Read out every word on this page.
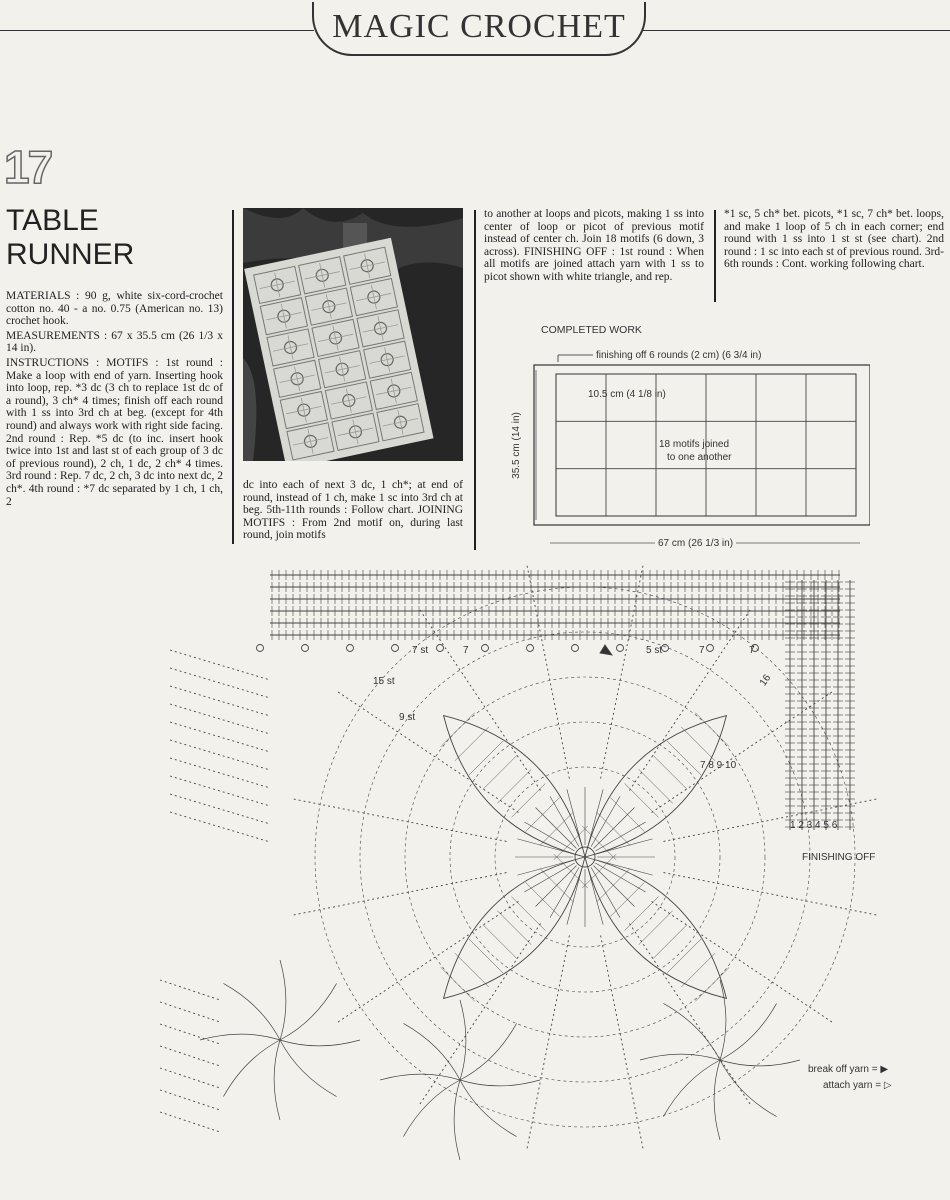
MAGIC CROCHET
17
TABLE
RUNNER

MATERIALS : 90 g, white six-cord-crochet cotton no. 40 - a no. 0.75 (American no. 13) crochet hook.

MEASUREMENTS : 67 x 35.5 cm (26 1/3 x 14 in).

INSTRUCTIONS : MOTIFS : 1st round : Make a loop with end of yarn. Inserting hook into loop, rep. *3 dc (3 ch to replace 1st dc of a round), 3 ch* 4 times; finish off each round with 1 ss into 3rd ch at beg. (except for 4th round) and always work with right side facing. 2nd round : Rep. *5 dc (to inc. insert hook twice into 1st and last st of each group of 3 dc of previous round), 2 ch, 1 dc, 2 ch* 4 times. 3rd round : Rep. 7 dc, 2 ch, 3 dc into next dc, 2 ch*. 4th round : *7 dc separated by 1 ch, 1 ch, 2

dc into each of next 3 dc, 1 ch*; at end of round, instead of 1 ch, make 1 sc into 3rd ch at beg. 5th-11th rounds : Follow chart. JOINING MOTIFS : From 2nd motif on, during last round, join motifs

to another at loops and picots, making 1 ss into center of loop or picot of previous motif instead of center ch. Join 18 motifs (6 down, 3 across). FINISHING OFF : 1st round : When all motifs are joined attach yarn with 1 ss to picot shown with white triangle, and rep.

*1 sc, 5 ch* bet. picots, *1 sc, 7 ch* bet. loops, and make 1 loop of 5 ch in each corner; end round with 1 ss into 1 st st (see chart). 2nd round : 1 sc into each st of previous round. 3rd-6th rounds : Cont. working following chart.

COMPLETED WORK
finishing off 6 rounds (2 cm) (6 3/4 in)
10.5 cm (4 1/8 in)
18 motifs joined
to one another
35.5 cm (14 in)
67 cm (26 1/3 in)
7 st	7	5 st	7	7
15 st
9 st
16
7 8 9 10
1 2 3 4 5 6
FINISHING OFF
break off yarn = ▶
attach yarn = ▷
